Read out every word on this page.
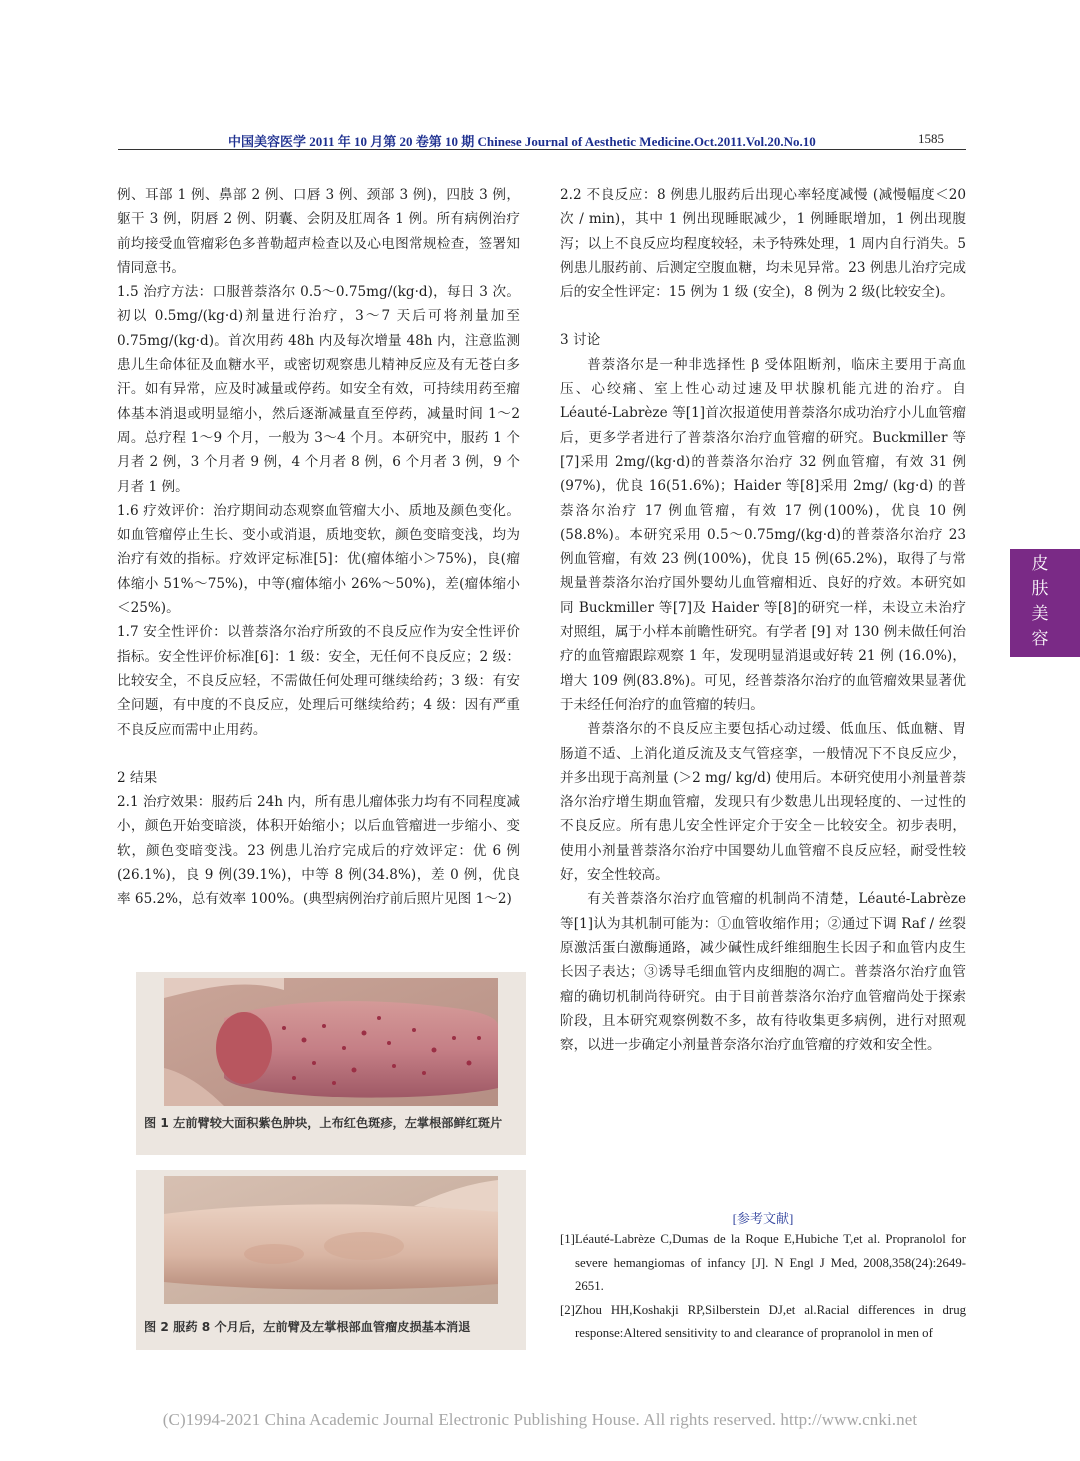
中国美容医学 2011 年 10 月第 20 卷第 10 期 Chinese Journal of Aesthetic Medicine.Oct.2011.Vol.20.No.10	1585

例、耳部 1 例、鼻部 2 例、口唇 3 例、颈部 3 例)，四肢 3 例，躯干 3 例，阴唇 2 例、阴囊、会阴及肛周各 1 例。所有病例治疗前均接受血管瘤彩色多普勒超声检查以及心电图常规检查，签署知情同意书。

1.5 治疗方法：口服普萘洛尔 0.5～0.75mg/(kg·d)，每日 3 次。初以 0.5mg/(kg·d)剂量进行治疗，3～7 天后可将剂量加至 0.75mg/(kg·d)。首次用药 48h 内及每次增量 48h 内，注意监测患儿生命体征及血糖水平，或密切观察患儿精神反应及有无苍白多汗。如有异常，应及时减量或停药。如安全有效，可持续用药至瘤体基本消退或明显缩小，然后逐渐减量直至停药，减量时间 1～2 周。总疗程 1～9 个月，一般为 3～4 个月。本研究中，服药 1 个月者 2 例，3 个月者 9 例，4 个月者 8 例，6 个月者 3 例，9 个月者 1 例。

1.6 疗效评价：治疗期间动态观察血管瘤大小、质地及颜色变化。如血管瘤停止生长、变小或消退，质地变软，颜色变暗变浅，均为治疗有效的指标。疗效评定标准[5]：优(瘤体缩小＞75%)，良(瘤体缩小 51%～75%)，中等(瘤体缩小 26%～50%)，差(瘤体缩小＜25%)。

1.7 安全性评价：以普萘洛尔治疗所致的不良反应作为安全性评价指标。安全性评价标准[6]：1 级：安全，无任何不良反应；2 级：比较安全，不良反应轻，不需做任何处理可继续给药；3 级：有安全问题，有中度的不良反应，处理后可继续给药；4 级：因有严重不良反应而需中止用药。

2 结果

2.1 治疗效果：服药后 24h 内，所有患儿瘤体张力均有不同程度减小，颜色开始变暗淡，体积开始缩小；以后血管瘤进一步缩小、变软，颜色变暗变浅。23 例患儿治疗完成后的疗效评定：优 6 例(26.1%)，良 9 例(39.1%)，中等 8 例(34.8%)，差 0 例，优良率 65.2%，总有效率 100%。(典型病例治疗前后照片见图 1～2)

图 1 左前臂较大面积紫色肿块，上布红色斑疹，左掌根部鲜红斑片
图 2 服药 8 个月后，左前臂及左掌根部血管瘤皮损基本消退

2.2 不良反应：8 例患儿服药后出现心率轻度减慢 (减慢幅度＜20 次 / min)，其中 1 例出现睡眠减少，1 例睡眠增加，1 例出现腹泻；以上不良反应均程度较轻，未予特殊处理，1 周内自行消失。5 例患儿服药前、后测定空腹血糖，均未见异常。23 例患儿治疗完成后的安全性评定：15 例为 1 级 (安全)，8 例为 2 级(比较安全)。

3 讨论

普萘洛尔是一种非选择性 β 受体阻断剂，临床主要用于高血压、心绞痛、室上性心动过速及甲状腺机能亢进的治疗。自 Léauté-Labrèze 等[1]首次报道使用普萘洛尔成功治疗小儿血管瘤后，更多学者进行了普萘洛尔治疗血管瘤的研究。Buckmiller 等[7]采用 2mg/(kg·d)的普萘洛尔治疗 32 例血管瘤，有效 31 例(97%)，优良 16(51.6%)；Haider 等[8]采用 2mg/ (kg·d) 的普萘洛尔治疗 17 例血管瘤，有效 17 例(100%)，优良 10 例(58.8%)。本研究采用 0.5～0.75mg/(kg·d)的普萘洛尔治疗 23 例血管瘤，有效 23 例(100%)，优良 15 例(65.2%)，取得了与常规量普萘洛尔治疗国外婴幼儿血管瘤相近、良好的疗效。本研究如同 Buckmiller 等[7]及 Haider 等[8]的研究一样，未设立未治疗对照组，属于小样本前瞻性研究。有学者 [9] 对 130 例未做任何治疗的血管瘤跟踪观察 1 年，发现明显消退或好转 21 例 (16.0%)，增大 109 例(83.8%)。可见，经普萘洛尔治疗的血管瘤效果显著优于未经任何治疗的血管瘤的转归。

普萘洛尔的不良反应主要包括心动过缓、低血压、低血糖、胃肠道不适、上消化道反流及支气管痉挛，一般情况下不良反应少，并多出现于高剂量 (＞2 mg/ kg/d) 使用后。本研究使用小剂量普萘洛尔治疗增生期血管瘤，发现只有少数患儿出现轻度的、一过性的不良反应。所有患儿安全性评定介于安全－比较安全。初步表明，使用小剂量普萘洛尔治疗中国婴幼儿血管瘤不良反应轻，耐受性较好，安全性较高。

有关普萘洛尔治疗血管瘤的机制尚不清楚，Léauté-Labrèze 等[1]认为其机制可能为：①血管收缩作用；②通过下调 Raf / 丝裂原激活蛋白激酶通路，减少碱性成纤维细胞生长因子和血管内皮生长因子表达；③诱导毛细血管内皮细胞的凋亡。普萘洛尔治疗血管瘤的确切机制尚待研究。由于目前普萘洛尔治疗血管瘤尚处于探索阶段，且本研究观察例数不多，故有待收集更多病例，进行对照观察，以进一步确定小剂量普奈洛尔治疗血管瘤的疗效和安全性。

[参考文献]

[1]Léauté-Labrèze C,Dumas de la Roque E,Hubiche T,et al. Propranolol for severe hemangiomas of infancy [J]. N Engl J Med, 2008,358(24):2649-2651.

[2]Zhou HH,Koshakji RP,Silberstein DJ,et al.Racial differences in drug response:Altered sensitivity to and clearance of propranolol in men of

皮
肤
美
容
(C)1994-2021 China Academic Journal Electronic Publishing House. All rights reserved. http://www.cnki.net
